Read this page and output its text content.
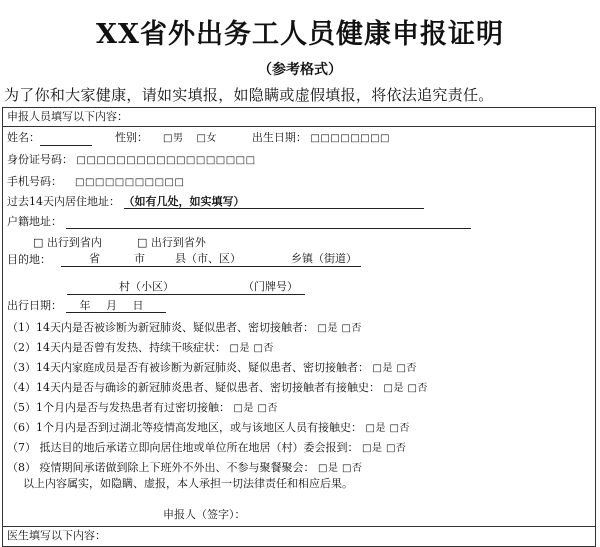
XX省外出务工人员健康申报证明
（参考格式）
为了你和大家健康，请如实填报，如隐瞒或虚假填报，将依法追究责任。
申报人员填写以下内容：
姓名：	性别： □男 □女	出生日期： □□□□□□□□
身份证号码： □□□□□□□□□□□□□□□□□□
手机号码： □□□□□□□□□□□
过去14天内居住地址： （如有几处，如实填写）
户籍地址：
□ 出行到省内	□ 出行到省外
目的地：	省	市	县（市、区）	乡镇（街道）
村（小区）	（门牌号）
出行日期： 年 月 日
（1）14天内是否被诊断为新冠肺炎、疑似患者、密切接触者： □是 □否
（2）14天内是否曾有发热、持续干咳症状： □是 □否
（3）14天内家庭成员是否有被诊断为新冠肺炎、疑似患者、密切接触者： □是 □否
（4）14天内是否与确诊的新冠肺炎患者、疑似患者、密切接触者有接触史： □是 □否
（5）1个月内是否与发热患者有过密切接触： □是 □否
（6）1个月内是否到过湖北等疫情高发地区，或与该地区人员有接触史： □是 □否
（7） 抵达目的地后承诺立即向居住地或单位所在地居（村）委会报到： □是 □否
（8） 疫情期间承诺做到除上下班外不外出、不参与聚餐聚会： □是 □否
以上内容属实，如隐瞒、虚报，本人承担一切法律责任和相应后果。
申报人（签字）：
医生填写以下内容：
